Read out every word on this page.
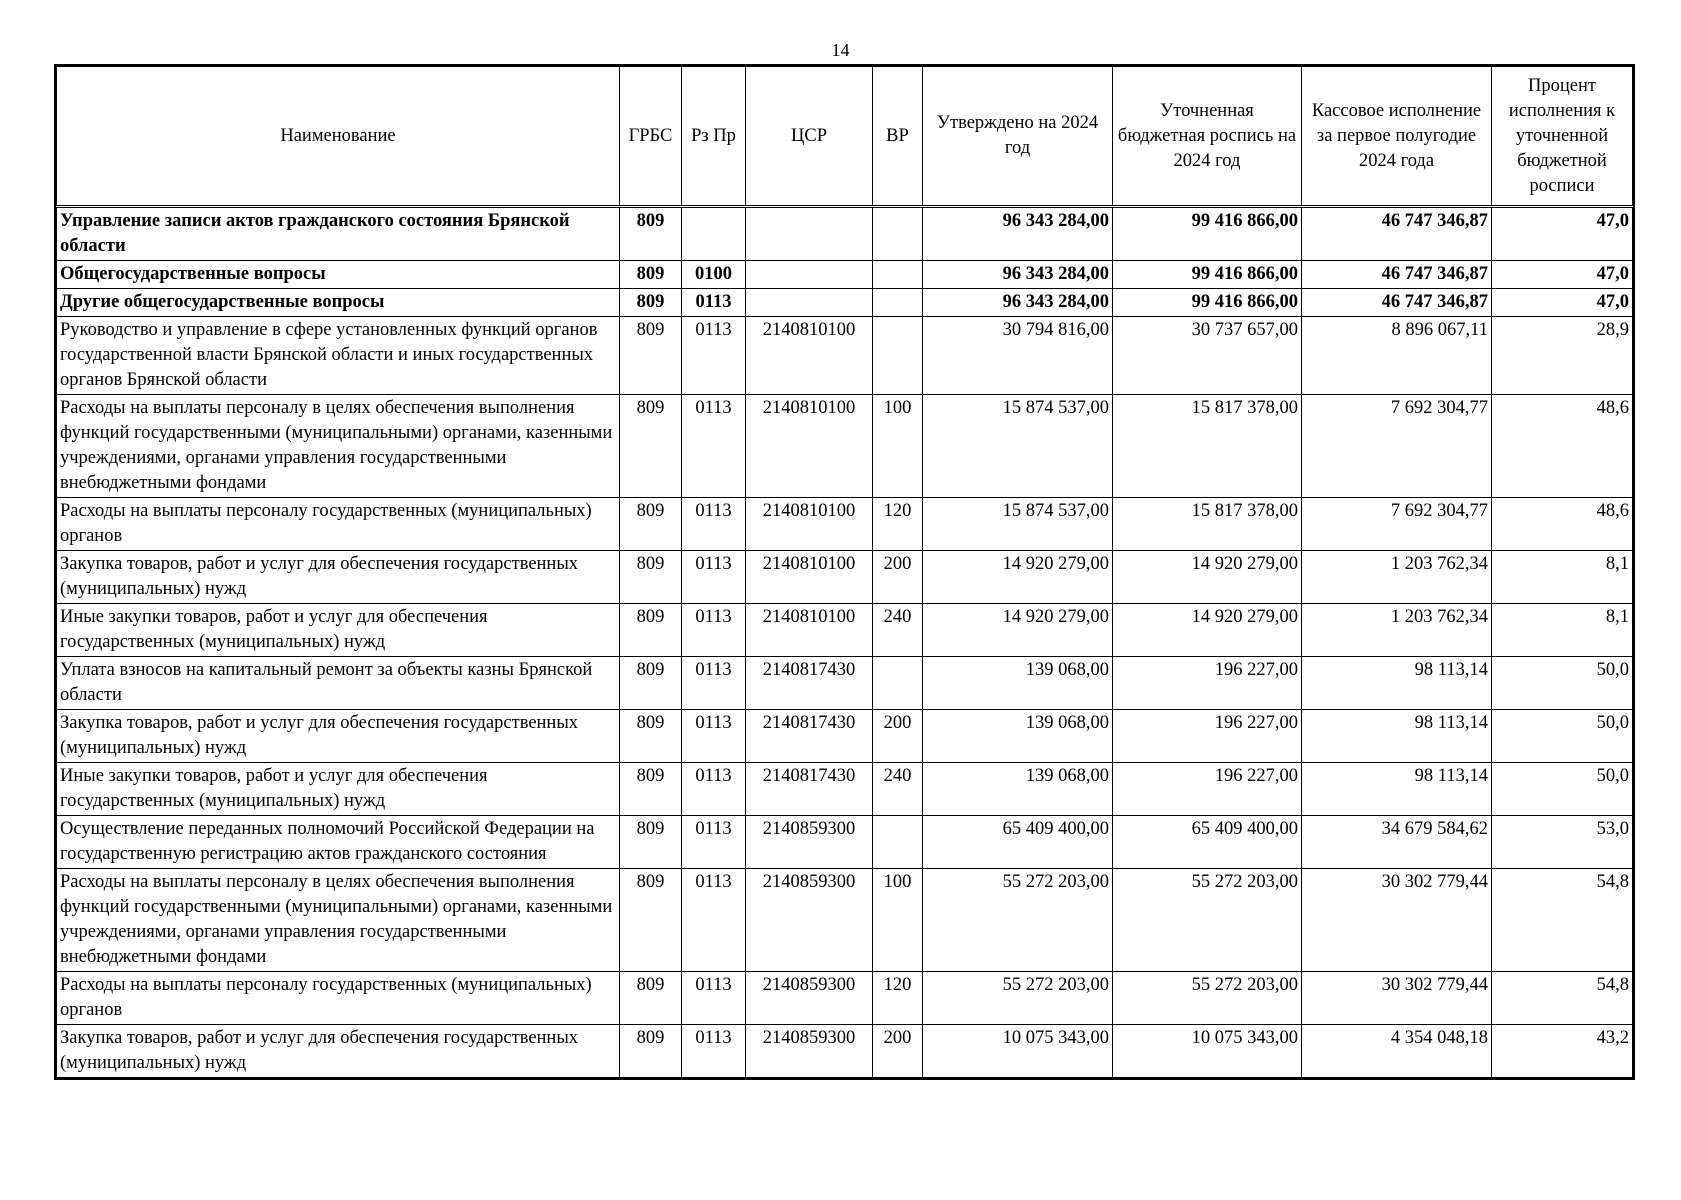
14
Наименование	ГРБС	Рз Пр	ЦСР	ВР	Утверждено на 2024 год	Уточненная бюджетная роспись на 2024 год	Кассовое исполнение за первое полугодие 2024 года	Процент исполнения к уточненной бюджетной росписи
Управление записи актов гражданского состояния Брянской области	809				96 343 284,00	99 416 866,00	46 747 346,87	47,0
Общегосударственные вопросы	809	0100			96 343 284,00	99 416 866,00	46 747 346,87	47,0
Другие общегосударственные вопросы	809	0113			96 343 284,00	99 416 866,00	46 747 346,87	47,0
Руководство и управление в сфере установленных функций органов государственной власти Брянской области и иных государственных органов Брянской области	809	0113	2140810100		30 794 816,00	30 737 657,00	8 896 067,11	28,9
Расходы на выплаты персоналу в целях обеспечения выполнения функций государственными (муниципальными) органами, казенными учреждениями, органами управления государственными внебюджетными фондами	809	0113	2140810100	100	15 874 537,00	15 817 378,00	7 692 304,77	48,6
Расходы на выплаты персоналу государственных (муниципальных) органов	809	0113	2140810100	120	15 874 537,00	15 817 378,00	7 692 304,77	48,6
Закупка товаров, работ и услуг для обеспечения государственных (муниципальных) нужд	809	0113	2140810100	200	14 920 279,00	14 920 279,00	1 203 762,34	8,1
Иные закупки товаров, работ и услуг для обеспечения государственных (муниципальных) нужд	809	0113	2140810100	240	14 920 279,00	14 920 279,00	1 203 762,34	8,1
Уплата взносов на капитальный ремонт за объекты казны Брянской области	809	0113	2140817430		139 068,00	196 227,00	98 113,14	50,0
Закупка товаров, работ и услуг для обеспечения государственных (муниципальных) нужд	809	0113	2140817430	200	139 068,00	196 227,00	98 113,14	50,0
Иные закупки товаров, работ и услуг для обеспечения государственных (муниципальных) нужд	809	0113	2140817430	240	139 068,00	196 227,00	98 113,14	50,0
Осуществление переданных полномочий Российской Федерации на государственную регистрацию актов гражданского состояния	809	0113	2140859300		65 409 400,00	65 409 400,00	34 679 584,62	53,0
Расходы на выплаты персоналу в целях обеспечения выполнения функций государственными (муниципальными) органами, казенными учреждениями, органами управления государственными внебюджетными фондами	809	0113	2140859300	100	55 272 203,00	55 272 203,00	30 302 779,44	54,8
Расходы на выплаты персоналу государственных (муниципальных) органов	809	0113	2140859300	120	55 272 203,00	55 272 203,00	30 302 779,44	54,8
Закупка товаров, работ и услуг для обеспечения государственных (муниципальных) нужд	809	0113	2140859300	200	10 075 343,00	10 075 343,00	4 354 048,18	43,2
